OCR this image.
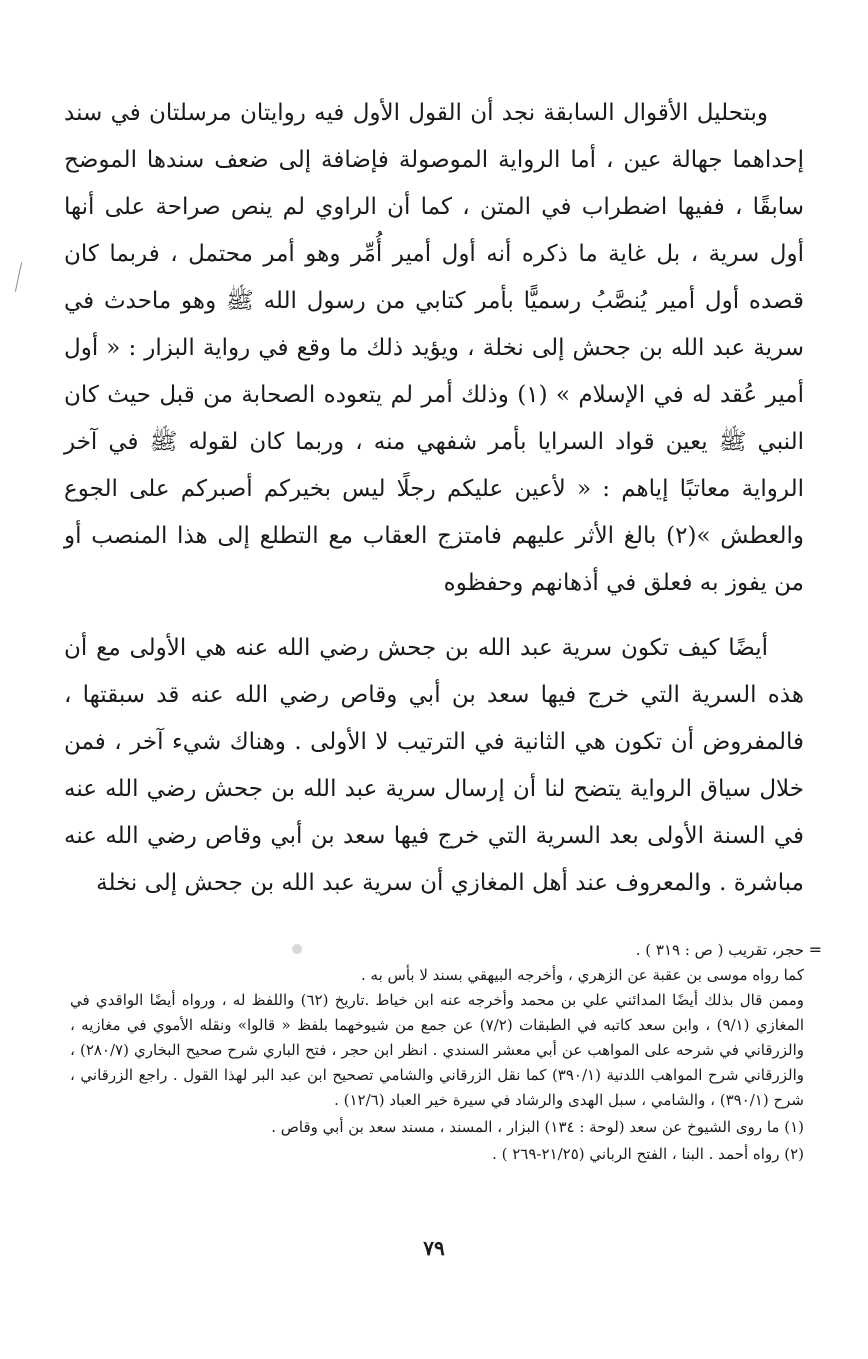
وبتحليل الأقوال السابقة نجد أن القول الأول فيه روايتان مرسلتان في سند إحداهما جهالة عين ، أما الرواية الموصولة فإضافة إلى ضعف سندها الموضح سابقًا ، ففيها اضطراب في المتن ، كما أن الراوي لم ينص صراحة على أنها أول سرية ، بل غاية ما ذكره أنه أول أمير أُمِّر وهو أمر محتمل ، فربما كان قصده أول أمير يُنصَّبُ رسميًّا بأمر كتابي من رسول الله ﷺ وهو ماحدث في سرية عبد الله بن جحش إلى نخلة ، ويؤيد ذلك ما وقع في رواية البزار : « أول أمير عُقد له في الإسلام » (١) وذلك أمر لم يتعوده الصحابة من قبل حيث كان النبي ﷺ يعين قواد السرايا بأمر شفهي منه ، وربما كان لقوله ﷺ في آخر الرواية معاتبًا إياهم : « لأعين عليكم رجلًا ليس بخيركم أصبركم على الجوع والعطش »(٢) بالغ الأثر عليهم فامتزج العقاب مع التطلع إلى هذا المنصب أو من يفوز به فعلق في أذهانهم وحفظوه

أيضًا كيف تكون سرية عبد الله بن جحش رضي الله عنه هي الأولى مع أن هذه السرية التي خرج فيها سعد بن أبي وقاص رضي الله عنه قد سبقتها ، فالمفروض أن تكون هي الثانية في الترتيب لا الأولى . وهناك شيء آخر ، فمن خلال سياق الرواية يتضح لنا أن إرسال سرية عبد الله بن جحش رضي الله عنه في السنة الأولى بعد السرية التي خرج فيها سعد بن أبي وقاص رضي الله عنه مباشرة . والمعروف عند أهل المغازي أن سرية عبد الله بن جحش إلى نخلة

=

حجر، تقريب ( ص : ٣١٩ ) .

كما رواه موسى بن عقبة عن الزهري ، وأخرجه البيهقي بسند لا بأس به .

وممن قال بذلك أيضًا المدائني علي بن محمد وأخرجه عنه ابن خياط .تاريخ (٦٢) واللفظ له ، ورواه أيضًا الواقدي في المغازي (٩/١) ، وابن سعد كاتبه في الطبقات (٧/٢) عن جمع من شيوخهما بلفظ « قالوا» ونقله الأموي في مغازيه ، والزرقاني في شرحه على المواهب عن أبي معشر السندي . انظر ابن حجر ، فتح الباري شرح صحيح البخاري (٢٨٠/٧) ، والزرقاني شرح المواهب اللدنية (٣٩٠/١) كما نقل الزرقاني والشامي تصحيح ابن عبد البر لهذا القول . راجع الزرقاني ، شرح (٣٩٠/١) ، والشامي ، سبل الهدى والرشاد في سيرة خير العباد (١٢/٦) .

(١) ما روى الشيوخ عن سعد (لوحة : ١٣٤) البزار ، المسند ، مسند سعد بن أبي وقاص .

(٢) رواه أحمد . البنا ، الفتح الرباني (٢١/٢٥-٢٦٩ ) .

٧٩
